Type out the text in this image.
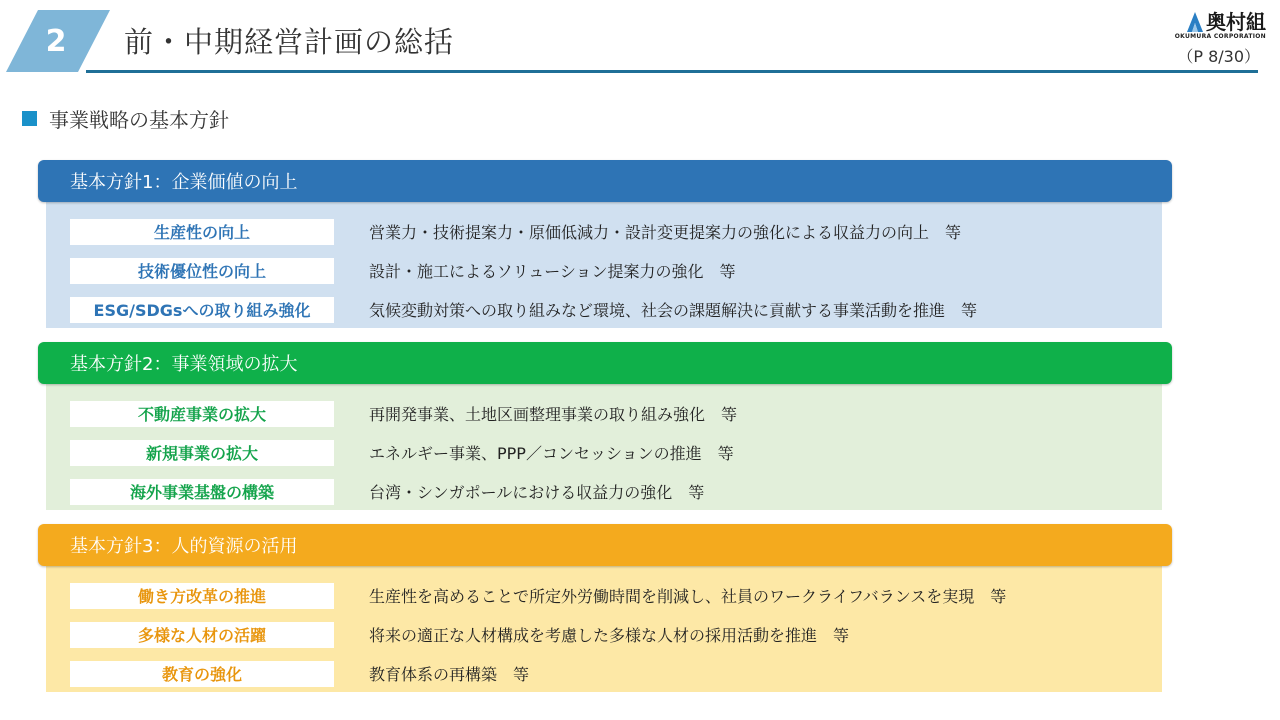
2	前・中期経営計画の総括
奥村組
OKUMURA CORPORATION
（P 8/30）
事業戦略の基本方針
基本方針1：企業価値の向上
生産性の向上	営業力・技術提案力・原価低減力・設計変更提案力の強化による収益力の向上　等
技術優位性の向上	設計・施工によるソリューション提案力の強化　等
ESG/SDGsへの取り組み強化	気候変動対策への取り組みなど環境、社会の課題解決に貢献する事業活動を推進　等
基本方針2：事業領域の拡大
不動産事業の拡大	再開発事業、土地区画整理事業の取り組み強化　等
新規事業の拡大	エネルギー事業、PPP／コンセッションの推進　等
海外事業基盤の構築	台湾・シンガポールにおける収益力の強化　等
基本方針3：人的資源の活用
働き方改革の推進	生産性を高めることで所定外労働時間を削減し、社員のワークライフバランスを実現　等
多様な人材の活躍	将来の適正な人材構成を考慮した多様な人材の採用活動を推進　等
教育の強化	教育体系の再構築　等
